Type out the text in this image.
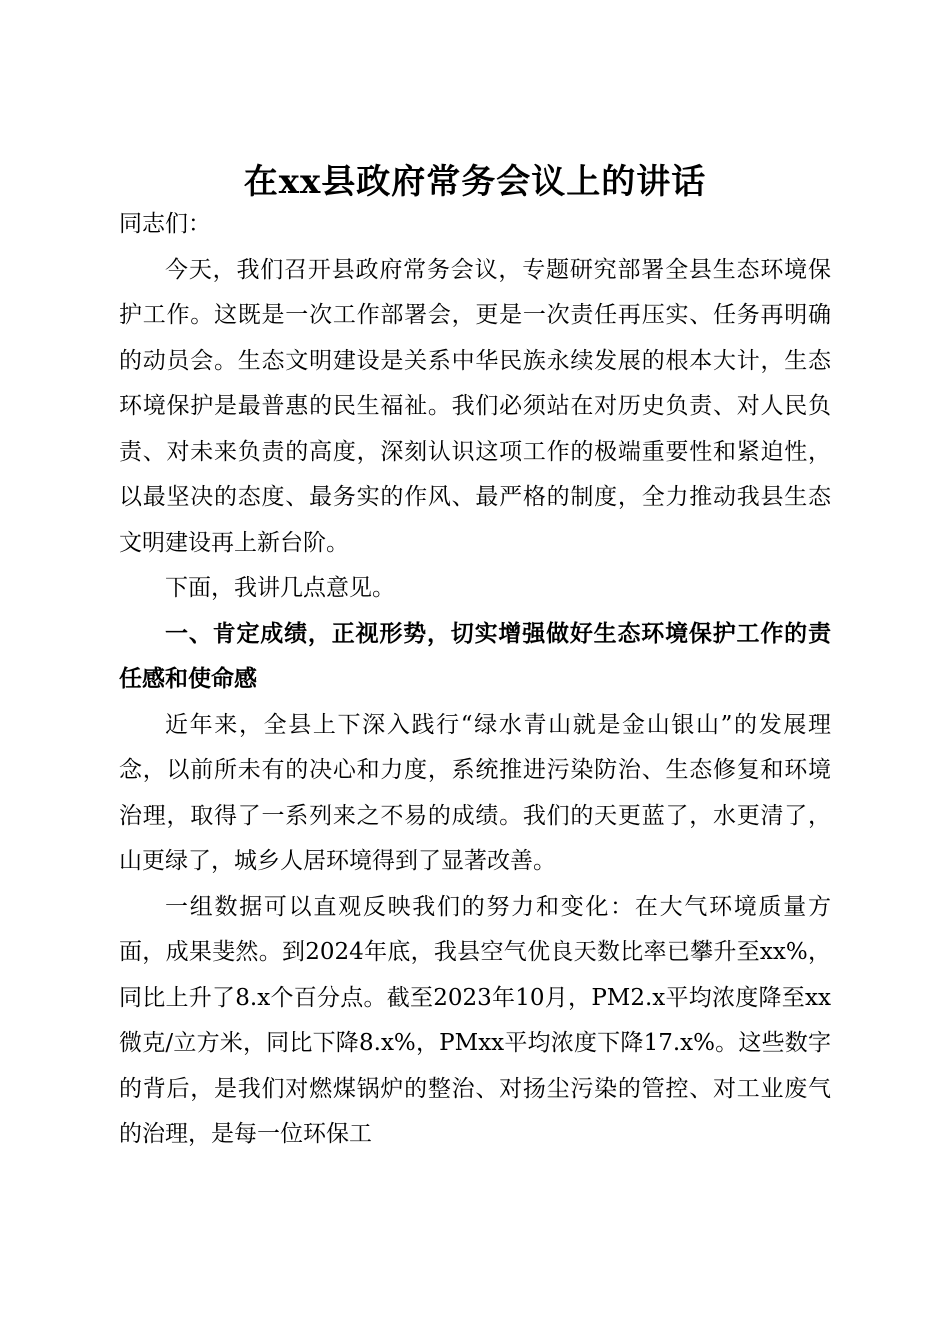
在xx县政府常务会议上的讲话

同志们：

今天，我们召开县政府常务会议，专题研究部署全县生态环境保护工作。这既是一次工作部署会，更是一次责任再压实、任务再明确的动员会。生态文明建设是关系中华民族永续发展的根本大计，生态环境保护是最普惠的民生福祉。我们必须站在对历史负责、对人民负责、对未来负责的高度，深刻认识这项工作的极端重要性和紧迫性，以最坚决的态度、最务实的作风、最严格的制度，全力推动我县生态文明建设再上新台阶。

下面，我讲几点意见。

一、肯定成绩，正视形势，切实增强做好生态环境保护工作的责任感和使命感

近年来，全县上下深入践行“绿水青山就是金山银山”的发展理念，以前所未有的决心和力度，系统推进污染防治、生态修复和环境治理，取得了一系列来之不易的成绩。我们的天更蓝了，水更清了，山更绿了，城乡人居环境得到了显著改善。

一组数据可以直观反映我们的努力和变化：在大气环境质量方面，成果斐然。到2024年底，我县空气优良天数比率已攀升至xx%，同比上升了8.x个百分点。截至2023年10月，PM2.x平均浓度降至xx微克/立方米，同比下降8.x%，PMxx平均浓度下降17.x%。这些数字的背后，是我们对燃煤锅炉的整治、对扬尘污染的管控、对工业废气的治理，是每一位环保工
